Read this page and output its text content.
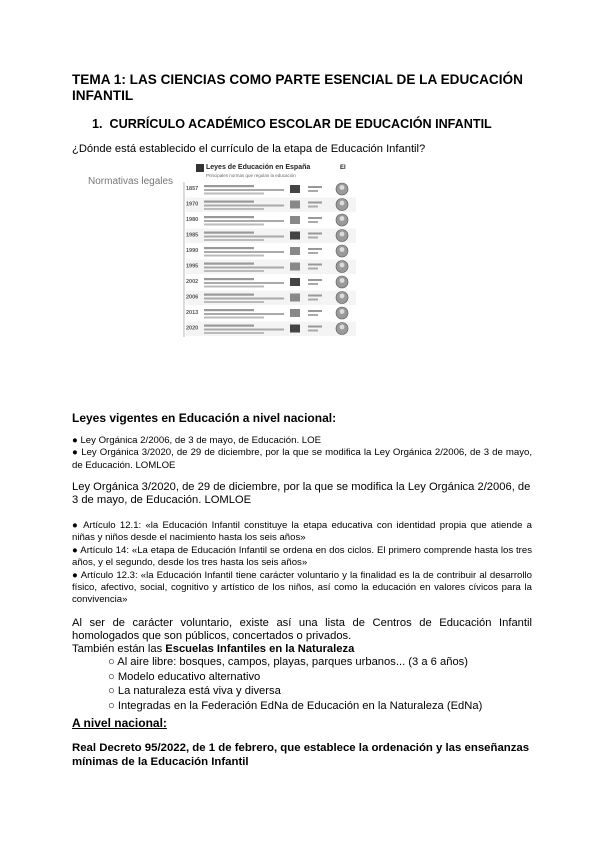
TEMA 1: LAS CIENCIAS COMO PARTE ESENCIAL DE LA EDUCACIÓN INFANTIL
1. CURRÍCULO ACADÉMICO ESCOLAR DE EDUCACIÓN INFANTIL
¿Dónde está establecido el currículo de la etapa de Educación Infantil?
Normativas legales
Leyes de Educación en España
Principales normas que regulan la educación
EI
1857
1970
1980
1985
1990
1995
2002
2006
2013
2020
Leyes vigentes en Educación a nivel nacional:

● Ley Orgánica 2/2006, de 3 de mayo, de Educación. LOE

● Ley Orgánica 3/2020, de 29 de diciembre, por la que se modifica la Ley Orgánica 2/2006, de 3 de mayo, de Educación. LOMLOE

Ley Orgánica 3/2020, de 29 de diciembre, por la que se modifica la Ley Orgánica 2/2006, de 3 de mayo, de Educación. LOMLOE

● Artículo 12.1: «la Educación Infantil constituye la etapa educativa con identidad propia que atiende a niñas y niños desde el nacimiento hasta los seis años»

● Artículo 14: «La etapa de Educación Infantil se ordena en dos ciclos. El primero comprende hasta los tres años, y el segundo, desde los tres hasta los seis años»

● Artículo 12.3: «la Educación Infantil tiene carácter voluntario y la finalidad es la de contribuir al desarrollo físico, afectivo, social, cognitivo y artístico de los niños, así como la educación en valores cívicos para la convivencia»

Al ser de carácter voluntario, existe así una lista de Centros de Educación Infantil homologados que son públicos, concertados o privados.

También están las Escuelas Infantiles en la Naturaleza

○ Al aire libre: bosques, campos, playas, parques urbanos... (3 a 6 años)

○ Modelo educativo alternativo

○ La naturaleza está viva y diversa

○ Integradas en la Federación EdNa de Educación en la Naturaleza (EdNa)

A nivel nacional:
Real Decreto 95/2022, de 1 de febrero, que establece la ordenación y las enseñanzas mínimas de la Educación Infantil
